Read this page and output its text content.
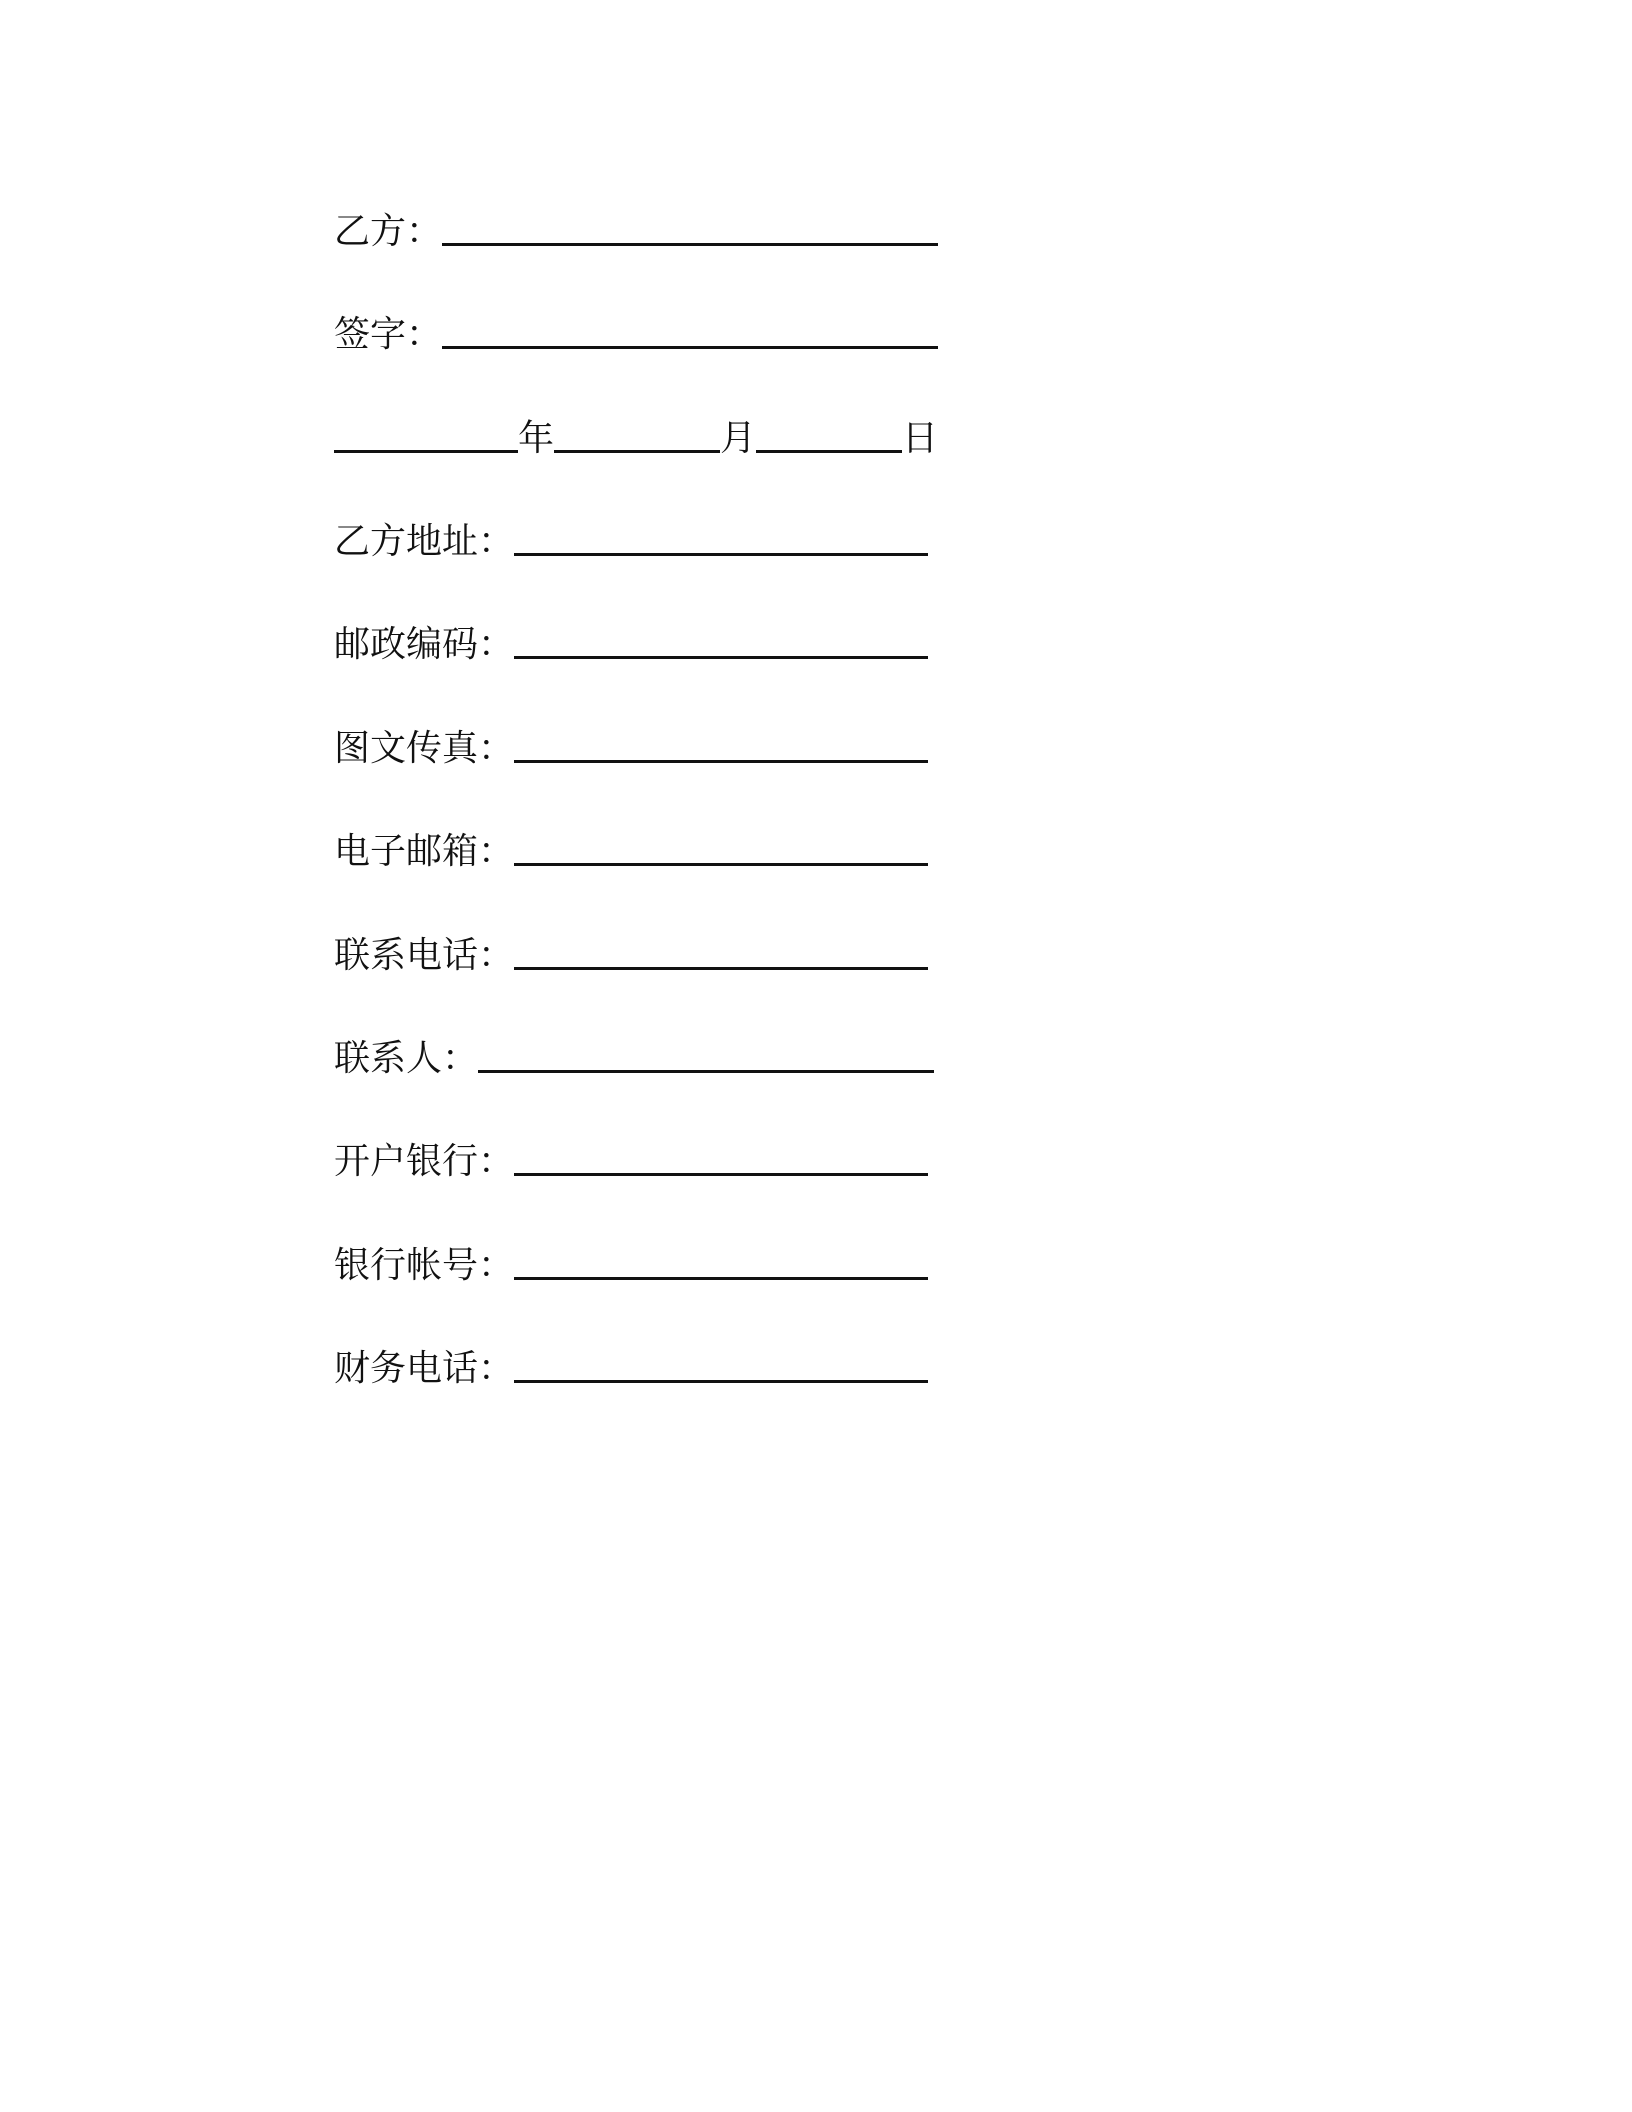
乙方：
签字：
年	月	日
乙方地址：
邮政编码：
图文传真：
电子邮箱：
联系电话：
联系人：
开户银行：
银行帐号：
财务电话：
